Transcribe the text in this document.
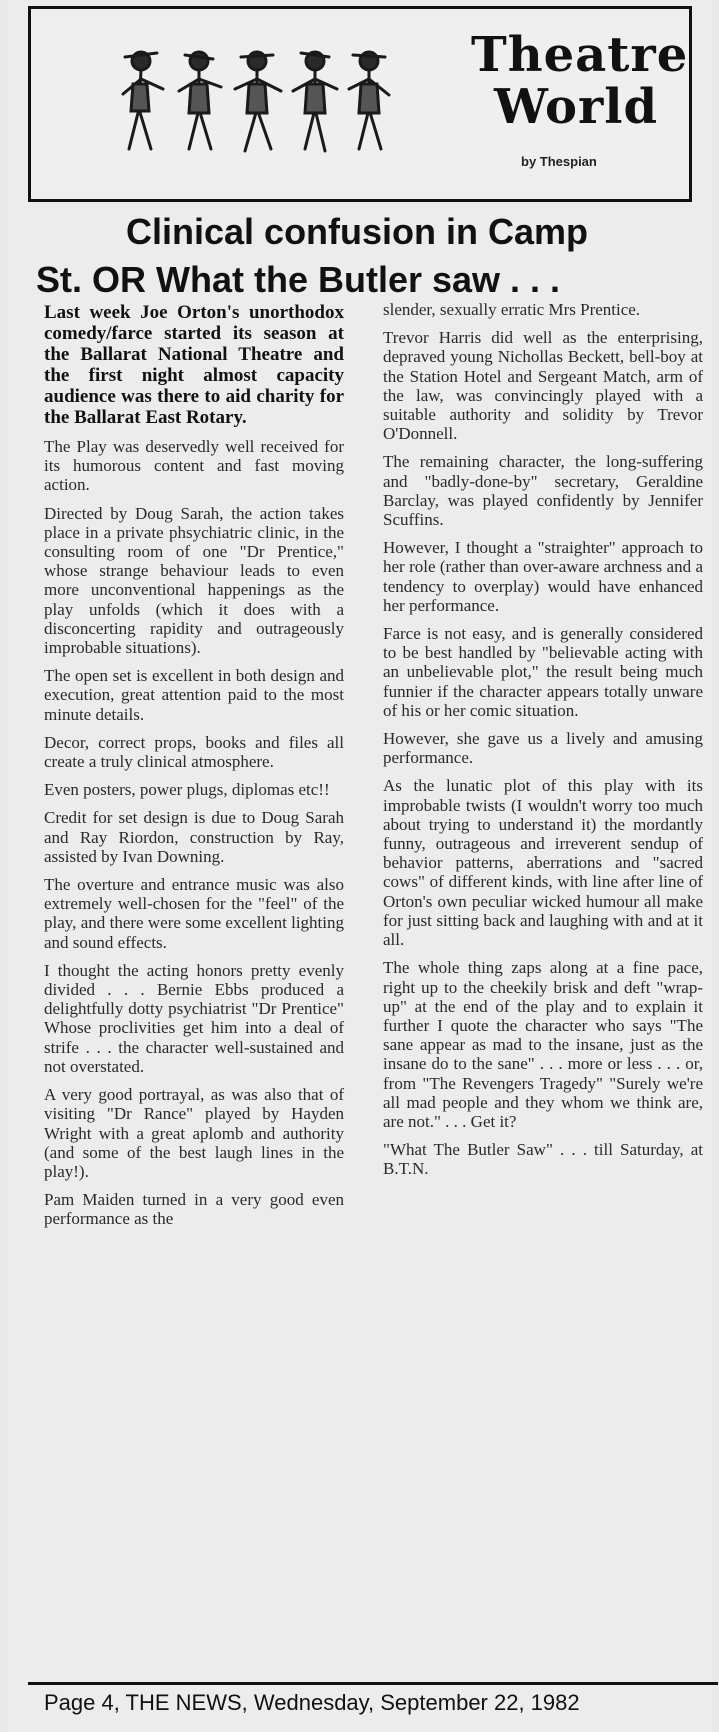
Theatre
World
by Thespian
Clinical confusion in Camp
St. OR What the Butler saw . . .

Last week Joe Orton's unorthodox comedy/farce started its season at the Ballarat National Theatre and the first night almost capacity audience was there to aid charity for the Ballarat East Rotary.

The Play was deservedly well received for its humorous content and fast moving action.

Directed by Doug Sarah, the action takes place in a private phsychiatric clinic, in the consulting room of one "Dr Prentice," whose strange behaviour leads to even more unconventional happenings as the play unfolds (which it does with a disconcerting rapidity and outrageously improbable situations).

The open set is excellent in both design and execution, great attention paid to the most minute details.

Decor, correct props, books and files all create a truly clinical atmosphere.

Even posters, power plugs, diplomas etc!!

Credit for set design is due to Doug Sarah and Ray Riordon, construction by Ray, assisted by Ivan Downing.

The overture and entrance music was also extremely well-chosen for the "feel" of the play, and there were some excellent lighting and sound effects.

I thought the acting honors pretty evenly divided . . . Bernie Ebbs produced a delightfully dotty psychiatrist "Dr Prentice" Whose proclivities get him into a deal of strife . . . the character well-sustained and not overstated.

A very good portrayal, as was also that of visiting "Dr Rance" played by Hayden Wright with a great aplomb and authority (and some of the best laugh lines in the play!).

Pam Maiden turned in a very good even performance as the

slender, sexually erratic Mrs Prentice.

Trevor Harris did well as the enterprising, depraved young Nichollas Beckett, bell-boy at the Station Hotel and Sergeant Match, arm of the law, was convincingly played with a suitable authority and solidity by Trevor O'Donnell.

The remaining character, the long-suffering and "badly-done-by" secretary, Geraldine Barclay, was played confidently by Jennifer Scuffins.

However, I thought a "straighter" approach to her role (rather than over-aware archness and a tendency to overplay) would have enhanced her performance.

Farce is not easy, and is generally considered to be best handled by "believable acting with an unbelievable plot," the result being much funnier if the character appears totally unware of his or her comic situation.

However, she gave us a lively and amusing performance.

As the lunatic plot of this play with its improbable twists (I wouldn't worry too much about trying to understand it) the mordantly funny, outrageous and irreverent sendup of behavior patterns, aberrations and "sacred cows" of different kinds, with line after line of Orton's own peculiar wicked humour all make for just sitting back and laughing with and at it all.

The whole thing zaps along at a fine pace, right up to the cheekily brisk and deft "wrap-up" at the end of the play and to explain it further I quote the character who says "The sane appear as mad to the insane, just as the insane do to the sane" . . . more or less . . . or, from "The Revengers Tragedy" "Surely we're all mad people and they whom we think are, are not." . . . Get it?

"What The Butler Saw" . . . till Saturday, at B.T.N.

Page 4, THE NEWS, Wednesday, September 22, 1982
